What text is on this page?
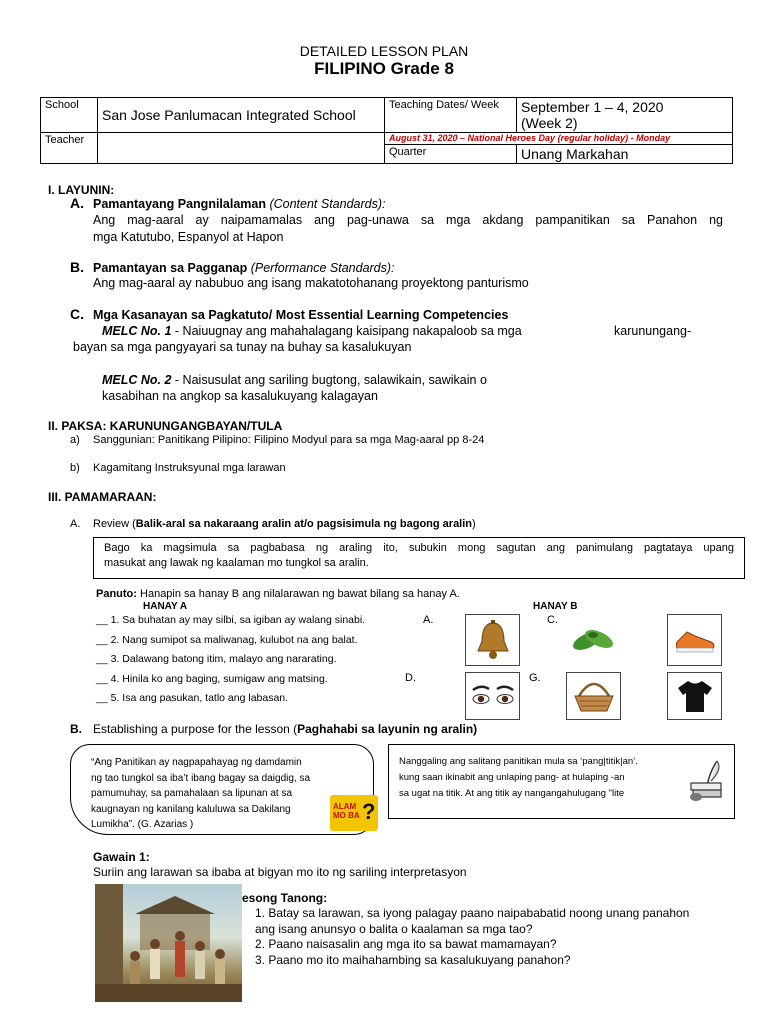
DETAILED LESSON PLAN
FILIPINO Grade 8
School	San Jose Panlumacan Integrated School	Teaching Dates/ Week	September 1 – 4, 2020
(Week 2)

Teacher		August 31, 2020 – National Heroes Day (regular holiday) - Monday	
		Quarter	Unang Markahan
I. LAYUNIN:
A. Pamantayang Pangnilalaman (Content Standards):
Ang mag-aaral ay naipamamalas ang pag-unawa sa mga akdang pampanitikan sa Panahon ng
mga Katutubo, Espanyol at Hapon
B. Pamantayan sa Pagganap (Performance Standards):
Ang mag-aaral ay nabubuo ang isang makatotohanang proyektong panturismo
C. Mga Kasanayan sa Pagkatuto/ Most Essential Learning Competencies
MELC No. 1 - Naiuugnay ang mahahalagang kaisipang nakapaloob sa mga	karunungang-
bayan sa mga pangyayari sa tunay na buhay sa kasalukuyan
MELC No. 2 - Naisusulat ang sariling bugtong, salawikain, sawikain o
kasabihan na angkop sa kasalukuyang kalagayan
II. PAKSA: KARUNUNGANGBAYAN/TULA
a) Sanggunian: Panitikang Pilipino: Filipino Modyul para sa mga Mag-aaral pp 8-24
b) Kagamitang Instruksyunal mga larawan
III. PAMAMARAAN:
A. Review (Balik-aral sa nakaraang aralin at/o pagsisimula ng bagong aralin)
Bago ka magsimula sa pagbabasa ng araling ito, subukin mong sagutan ang panimulang pagtataya upang
masukat ang lawak ng kaalaman mo tungkol sa aralin.
Panuto: Hanapin sa hanay B ang nilalarawan ng bawat bilang sa hanay A.
HANAY A	HANAY B
__ 1. Sa buhatan ay may silbi, sa igiban ay walang sinabi.
__ 2. Nang sumipot sa maliwanag, kulubot na ang balat.
__ 3. Dalawang batong itim, malayo ang nararating.
__ 4. Hinila ko ang baging, sumigaw ang matsing.
__ 5. Isa ang pasukan, tatlo ang labasan.
A.	C.
D.	G.
B. Establishing a purpose for the lesson (Paghahabi sa layunin ng aralin)
“Ang Panitikan ay nagpapahayag ng damdamin
ng tao tungkol sa iba’t ibang bagay sa daigdig, sa
pamumuhay, sa pamahalaan sa lipunan at sa
kaugnayan ng kanilang kaluluwa sa Dakilang
Lumikha”. (G. Azarias )
ALAM
MO BA ?
Nanggaling ang salitang panitikan mula sa ‘pang|titik|an’.
kung saan ikinabit ang unlaping pang- at hulaping -an
sa ugat na titik. At ang titik ay nangangahulugang "lite
Gawain 1:
Suriin ang larawan sa ibaba at bigyan mo ito ng sariling interpretasyon
esong Tanong:
1. Batay sa larawan, sa iyong palagay paano naipababatid noong unang panahon
ang isang anunsyo o balita o kaalaman sa mga tao?
2. Paano naisasalin ang mga ito sa bawat mamamayan?
3. Paano mo ito maihahambing sa kasalukuyang panahon?
